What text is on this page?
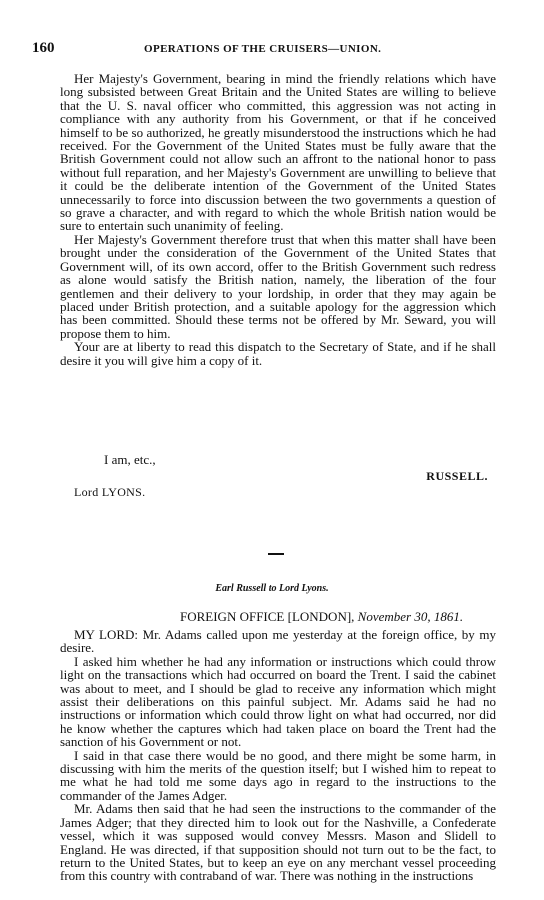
160	OPERATIONS OF THE CRUISERS—UNION.

Her Majesty's Government, bearing in mind the friendly relations which have long subsisted between Great Britain and the United States are willing to believe that the U. S. naval officer who committed, this aggression was not acting in compliance with any authority from his Government, or that if he conceived himself to be so authorized, he greatly misunderstood the instructions which he had received. For the Government of the United States must be fully aware that the British Government could not allow such an affront to the national honor to pass without full reparation, and her Majesty's Government are unwilling to believe that it could be the deliberate intention of the Government of the United States unnecessarily to force into discussion between the two governments a question of so grave a character, and with regard to which the whole British nation would be sure to entertain such unanimity of feeling.

Her Majesty's Government therefore trust that when this matter shall have been brought under the consideration of the Government of the United States that Government will, of its own accord, offer to the British Government such redress as alone would satisfy the British nation, namely, the liberation of the four gentlemen and their delivery to your lordship, in order that they may again be placed under British protection, and a suitable apology for the aggression which has been committed. Should these terms not be offered by Mr. Seward, you will propose them to him.

Your are at liberty to read this dispatch to the Secretary of State, and if he shall desire it you will give him a copy of it.

I am, etc.,
RUSSELL.
Lord LYONS.
Earl Russell to Lord Lyons.
FOREIGN OFFICE [LONDON], November 30, 1861.

MY LORD: Mr. Adams called upon me yesterday at the foreign office, by my desire.

I asked him whether he had any information or instructions which could throw light on the transactions which had occurred on board the Trent. I said the cabinet was about to meet, and I should be glad to receive any information which might assist their deliberations on this painful subject. Mr. Adams said he had no instructions or information which could throw light on what had occurred, nor did he know whether the captures which had taken place on board the Trent had the sanction of his Government or not.

I said in that case there would be no good, and there might be some harm, in discussing with him the merits of the question itself; but I wished him to repeat to me what he had told me some days ago in regard to the instructions to the commander of the James Adger.

Mr. Adams then said that he had seen the instructions to the commander of the James Adger; that they directed him to look out for the Nashville, a Confederate vessel, which it was supposed would convey Messrs. Mason and Slidell to England. He was directed, if that supposition should not turn out to be the fact, to return to the United States, but to keep an eye on any merchant vessel proceeding from this country with contraband of war. There was nothing in the instructions
